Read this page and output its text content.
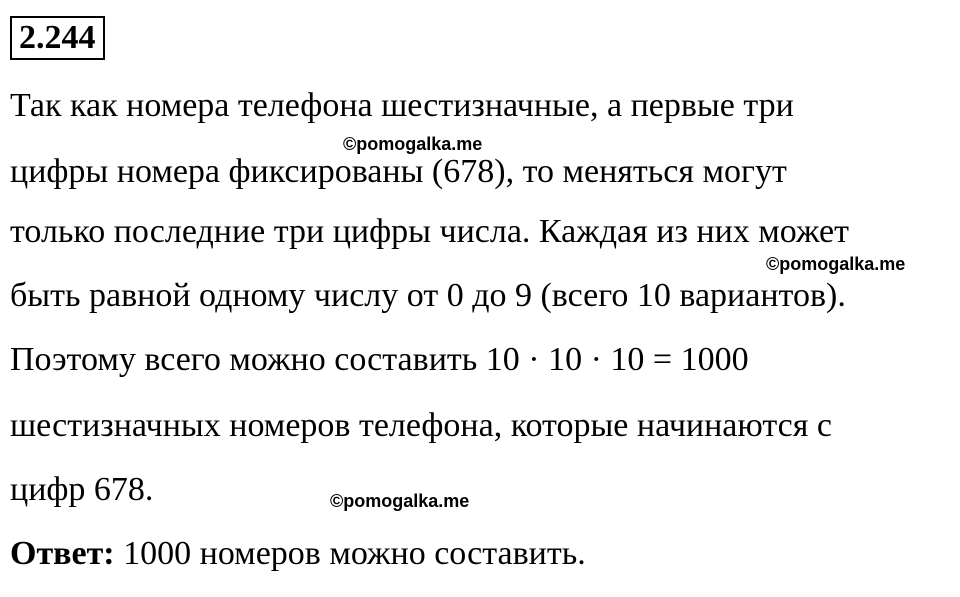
2.244
Так как номера телефона шестизначные, а первые три
©pomogalka.me
цифры номера фиксированы (678), то меняться могут
только последние три цифры числа. Каждая из них может
©pomogalka.me
быть равной одному числу от 0 до 9 (всего 10 вариантов).
Поэтому всего можно составить 10 · 10 · 10 = 1000
шестизначных номеров телефона, которые начинаются с
цифр 678.	©pomogalka.me
Ответ: 1000 номеров можно составить.
